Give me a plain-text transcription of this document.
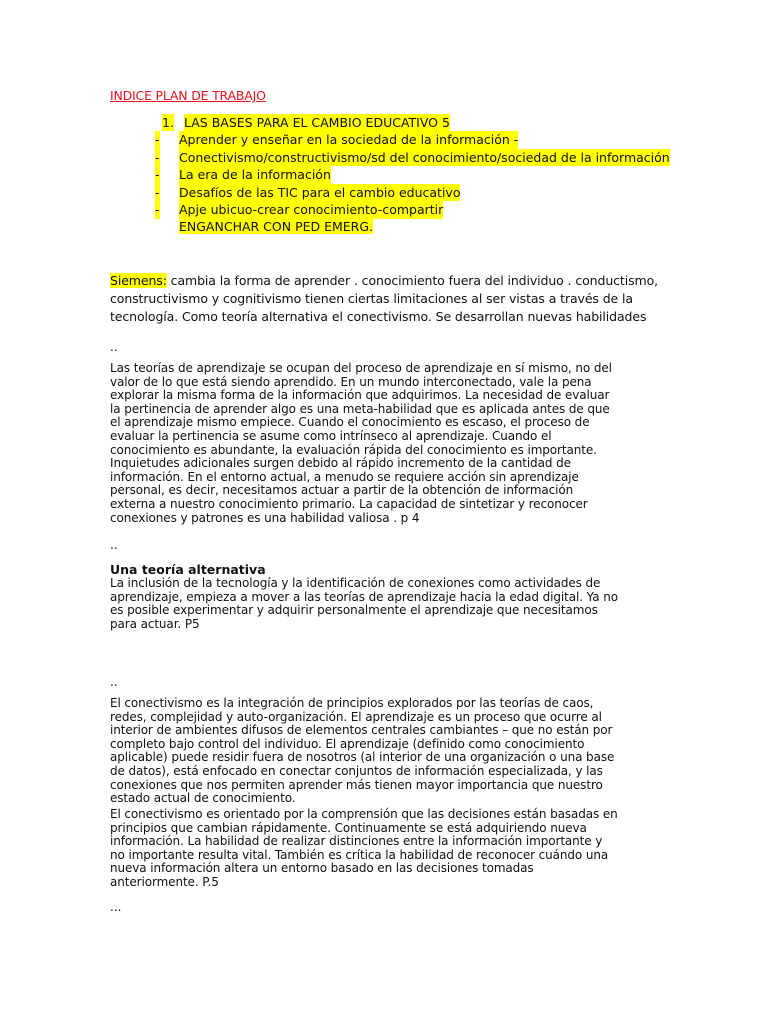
INDICE PLAN DE TRABAJO
1. LAS BASES PARA EL CAMBIO EDUCATIVO 5
- Aprender y enseñar en la sociedad de la información -
- Conectivismo/constructivismo/sd del conocimiento/sociedad de la información
- La era de la información
- Desafíos de las TIC para el cambio educativo
- Apje ubicuo-crear conocimiento-compartir
ENGANCHAR CON PED EMERG.
Siemens: cambia la forma de aprender . conocimiento fuera del individuo . conductismo, constructivismo y cognitivismo tienen ciertas limitaciones al ser vistas a través de la tecnología. Como teoría alternativa el conectivismo. Se desarrollan nuevas habilidades
..
Las teorías de aprendizaje se ocupan del proceso de aprendizaje en sí mismo, no del valor de lo que está siendo aprendido. En un mundo interconectado, vale la pena explorar la misma forma de la información que adquirimos. La necesidad de evaluar la pertinencia de aprender algo es una meta-habilidad que es aplicada antes de que el aprendizaje mismo empiece. Cuando el conocimiento es escaso, el proceso de evaluar la pertinencia se asume como intrínseco al aprendizaje. Cuando el conocimiento es abundante, la evaluación rápida del conocimiento es importante. Inquietudes adicionales surgen debido al rápido incremento de la cantidad de información. En el entorno actual, a menudo se requiere acción sin aprendizaje personal, es decir, necesitamos actuar a partir de la obtención de información externa a nuestro conocimiento primario. La capacidad de sintetizar y reconocer conexiones y patrones es una habilidad valiosa . p 4
..
Una teoría alternativa
La inclusión de la tecnología y la identificación de conexiones como actividades de aprendizaje, empieza a mover a las teorías de aprendizaje hacia la edad digital. Ya no es posible experimentar y adquirir personalmente el aprendizaje que necesitamos para actuar. P5
..
El conectivismo es la integración de principios explorados por las teorías de caos, redes, complejidad y auto-organización. El aprendizaje es un proceso que ocurre al interior de ambientes difusos de elementos centrales cambiantes – que no están por completo bajo control del individuo. El aprendizaje (definido como conocimiento aplicable) puede residir fuera de nosotros (al interior de una organización o una base de datos), está enfocado en conectar conjuntos de información especializada, y las conexiones que nos permiten aprender más tienen mayor importancia que nuestro estado actual de conocimiento.
El conectivismo es orientado por la comprensión que las decisiones están basadas en principios que cambian rápidamente. Continuamente se está adquiriendo nueva información. La habilidad de realizar distinciones entre la información importante y no importante resulta vital. También es crítica la habilidad de reconocer cuándo una nueva información altera un entorno basado en las decisiones tomadas anteriormente. P.5
...
